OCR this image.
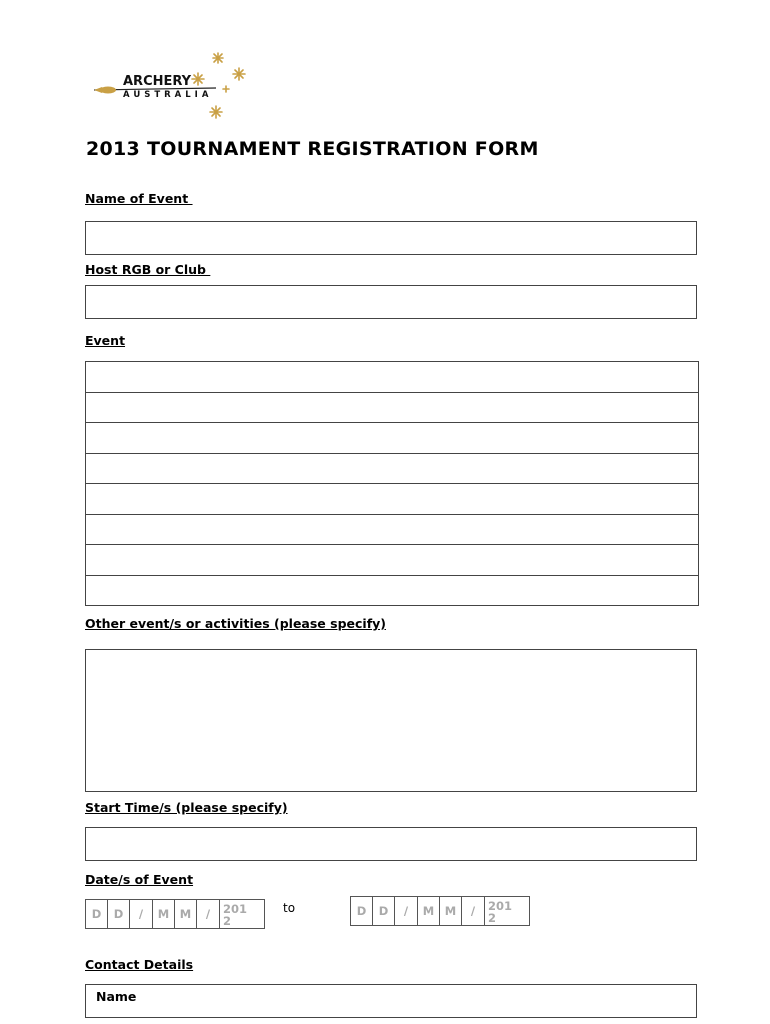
ARCHERY
AUSTRALIA
2013 TOURNAMENT REGISTRATION FORM
Name of Event
Host RGB or Club
Event

Other event/s or activities (please specify)
Start Time/s (please specify)
Date/s of Event
D	D	/	M	M	/	201
2
to	D	D	/	M	M	/	201
2
Contact Details
Name
